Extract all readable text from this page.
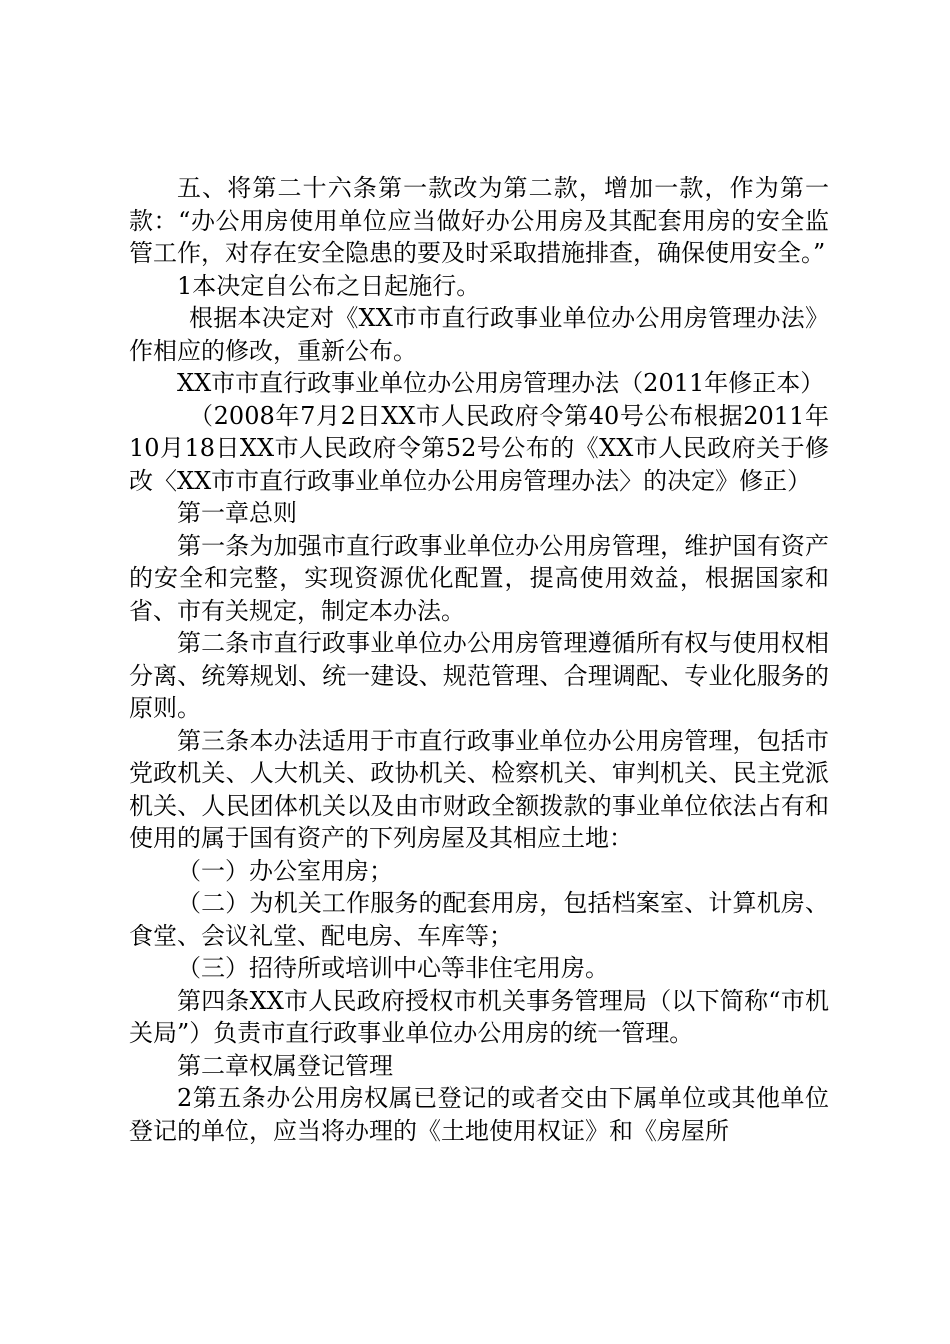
五、将第二十六条第一款改为第二款，增加一款，作为第一款：“办公用房使用单位应当做好办公用房及其配套用房的安全监管工作，对存在安全隐患的要及时采取措施排查，确保使用安全。”

1本决定自公布之日起施行。

根据本决定对《XX市市直行政事业单位办公用房管理办法》作相应的修改，重新公布。

XX市市直行政事业单位办公用房管理办法（2011年修正本）

（2008年7月2日XX市人民政府令第40号公布根据2011年10月18日XX市人民政府令第52号公布的《XX市人民政府关于修改〈XX市市直行政事业单位办公用房管理办法〉的决定》修正）

第一章总则

第一条为加强市直行政事业单位办公用房管理，维护国有资产的安全和完整，实现资源优化配置，提高使用效益，根据国家和省、市有关规定，制定本办法。

第二条市直行政事业单位办公用房管理遵循所有权与使用权相分离、统筹规划、统一建设、规范管理、合理调配、专业化服务的原则。

第三条本办法适用于市直行政事业单位办公用房管理，包括市党政机关、人大机关、政协机关、检察机关、审判机关、民主党派机关、人民团体机关以及由市财政全额拨款的事业单位依法占有和使用的属于国有资产的下列房屋及其相应土地：

（一）办公室用房；

（二）为机关工作服务的配套用房，包括档案室、计算机房、食堂、会议礼堂、配电房、车库等；

（三）招待所或培训中心等非住宅用房。

第四条XX市人民政府授权市机关事务管理局（以下简称“市机关局”）负责市直行政事业单位办公用房的统一管理。

第二章权属登记管理

2第五条办公用房权属已登记的或者交由下属单位或其他单位登记的单位，应当将办理的《土地使用权证》和《房屋所
